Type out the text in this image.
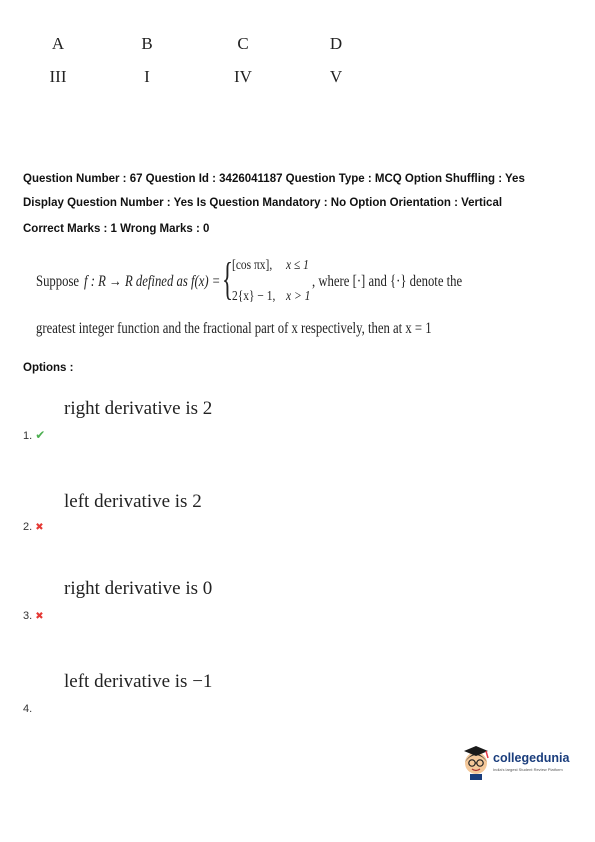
A	B	C	D
III	I	IV	V
Question Number : 67 Question Id : 3426041187 Question Type : MCQ Option Shuffling : Yes
Display Question Number : Yes Is Question Mandatory : No Option Orientation : Vertical
Correct Marks : 1 Wrong Marks : 0
Suppose f : R → R defined as f(x) = {
[cos πx], x ≤ 1
2{x} − 1, x > 1
, where [·] and {·} denote the
greatest integer function and the fractional part of x respectively, then at x = 1
Options :
right derivative is 2
1. ✔
left derivative is 2
2. ✖
right derivative is 0
3. ✖
left derivative is −1
4.
collegedunia
India's largest Student Review Platform
